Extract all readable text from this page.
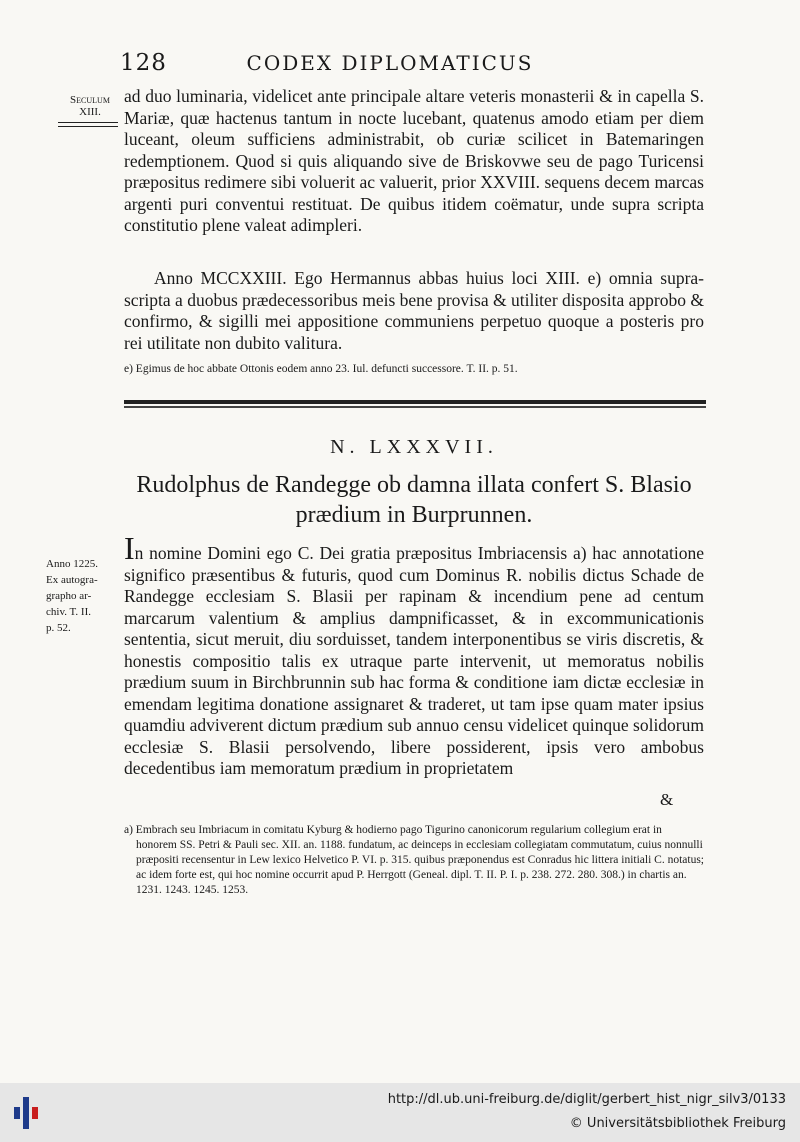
128	CODEX DIPLOMATICUS
Seculum
XIII.

ad duo luminaria, videlicet ante principale altare veteris monasterii & in capella S. Mariæ, quæ hactenus tantum in nocte lucebant, quatenus amodo etiam per diem luceant, oleum sufficiens administrabit, ob curiæ scilicet in Batemaringen redemptionem. Quod si quis aliquando sive de Briskovwe seu de pago Turicensi præpositus redimere sibi voluerit ac valuerit, prior XXVIII. sequens decem marcas argenti puri conventui restituat. De quibus itidem coëmatur, unde supra scripta constitutio plene valeat adimpleri.

Anno MCCXXIII. Ego Hermannus abbas huius loci XIII. e) omnia suprascripta a duobus prædecessoribus meis bene provisa & utiliter disposita approbo & confirmo, & sigilli mei appositione communiens perpetuo quoque a posteris pro rei utilitate non dubito valitura.

e) Egimus de hoc abbate Ottonis eodem anno 23. Iul. defuncti successore. T. II. p. 51.
N. LXXXVII.
Rudolphus de Randegge ob damna illata confert S. Blasio
prædium in Burprunnen.
Anno 1225.
Ex autogra-
grapho ar-
chiv. T. II.
p. 52.

In nomine Domini ego C. Dei gratia præpositus Imbriacensis a) hac annotatione significo præsentibus & futuris, quod cum Dominus R. nobilis dictus Schade de Randegge ecclesiam S. Blasii per rapinam & incendium pene ad centum marcarum valentium & amplius dampnificasset, & in excommunicationis sententia, sicut meruit, diu sorduisset, tandem interponentibus se viris discretis, & honestis compositio talis ex utraque parte intervenit, ut memoratus nobilis prædium suum in Birchbrunnin sub hac forma & conditione iam dictæ ecclesiæ in emendam legitima donatione assignaret & traderet, ut tam ipse quam mater ipsius quamdiu adviverent dictum prædium sub annuo censu videlicet quinque solidorum ecclesiæ S. Blasii persolvendo, libere possiderent, ipsis vero ambobus decedentibus iam memoratum prædium in proprietatem

&
a) Embrach seu Imbriacum in comitatu Kyburg & hodierno pago Tigurino canonicorum regularium collegium erat in honorem SS. Petri & Pauli sec. XII. an. 1188. fundatum, ac deinceps in ecclesiam collegiatam commutatum, cuius nonnulli præpositi recensentur in Lew lexico Helvetico P. VI. p. 315. quibus præponendus est Conradus hic littera initiali C. notatus; ac idem forte est, qui hoc nomine occurrit apud P. Herrgott (Geneal. dipl. T. II. P. I. p. 238. 272. 280. 308.) in chartis an. 1231. 1243. 1245. 1253.
http://dl.ub.uni-freiburg.de/diglit/gerbert_hist_nigr_silv3/0133
© Universitätsbibliothek Freiburg
